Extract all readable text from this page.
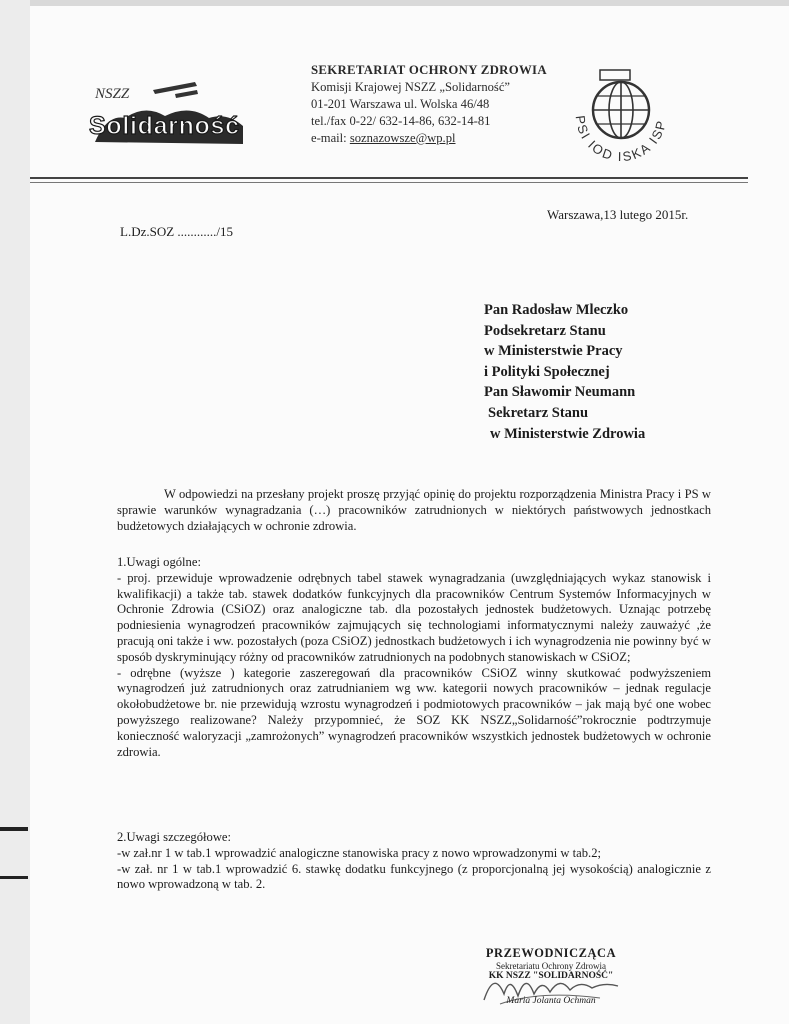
NSZZ
Solidarność
SEKRETARIAT OCHRONY ZDROWIA
Komisji Krajowej NSZZ „Solidarność”
01-201 Warszawa ul. Wolska 46/48
tel./fax 0-22/ 632-14-86, 632-14-81
e-mail: soznazowsze@wp.pl
PSI IOD ISKA ISP
L.Dz.SOZ ............/15
Warszawa,13 lutego 2015r.
Pan Radosław Mleczko
Podsekretarz Stanu
w Ministerstwie Pracy
i Polityki Społecznej
Pan Sławomir Neumann
Sekretarz Stanu
w Ministerstwie Zdrowia

W odpowiedzi na przesłany projekt proszę przyjąć opinię do projektu rozporządzenia Ministra Pracy i PS w sprawie warunków wynagradzania (…) pracowników zatrudnionych w niektórych państwowych jednostkach budżetowych działających w ochronie zdrowia.

1.Uwagi ogólne:

- proj. przewiduje wprowadzenie odrębnych tabel stawek wynagradzania (uwzględniających wykaz stanowisk i kwalifikacji) a także tab. stawek dodatków funkcyjnych dla pracowników Centrum Systemów Informacyjnych w Ochronie Zdrowia (CSiOZ) oraz analogiczne tab. dla pozostałych jednostek budżetowych. Uznając potrzebę podniesienia wynagrodzeń pracowników zajmujących się technologiami informatycznymi należy zauważyć ,że pracują oni także i ww. pozostałych (poza CSiOZ) jednostkach budżetowych i ich wynagrodzenia nie powinny być w sposób dyskryminujący różny od pracowników zatrudnionych na podobnych stanowiskach w CSiOZ;

- odrębne (wyższe ) kategorie zaszeregowań dla pracowników CSiOZ winny skutkować podwyższeniem wynagrodzeń już zatrudnionych oraz zatrudnianiem wg ww. kategorii nowych pracowników – jednak regulacje okołobudżetowe br. nie przewidują wzrostu wynagrodzeń i podmiotowych pracowników – jak mają być one wobec powyższego realizowane? Należy przypomnieć, że SOZ KK NSZZ„Solidarność”rokrocznie podtrzymuje konieczność waloryzacji „zamrożonych” wynagrodzeń pracowników wszystkich jednostek budżetowych w ochronie zdrowia.

2.Uwagi szczegółowe:

-w zał.nr 1 w tab.1 wprowadzić analogiczne stanowiska pracy z nowo wprowadzonymi w tab.2;

-w zał. nr 1 w tab.1 wprowadzić 6. stawkę dodatku funkcyjnego (z proporcjonalną jej wysokością) analogicznie z nowo wprowadzoną w tab. 2.

PRZEWODNICZĄCA
Sekretariatu Ochrony Zdrowia
KK NSZZ "SOLIDARNOŚĆ"
Maria Jolanta Ochman
